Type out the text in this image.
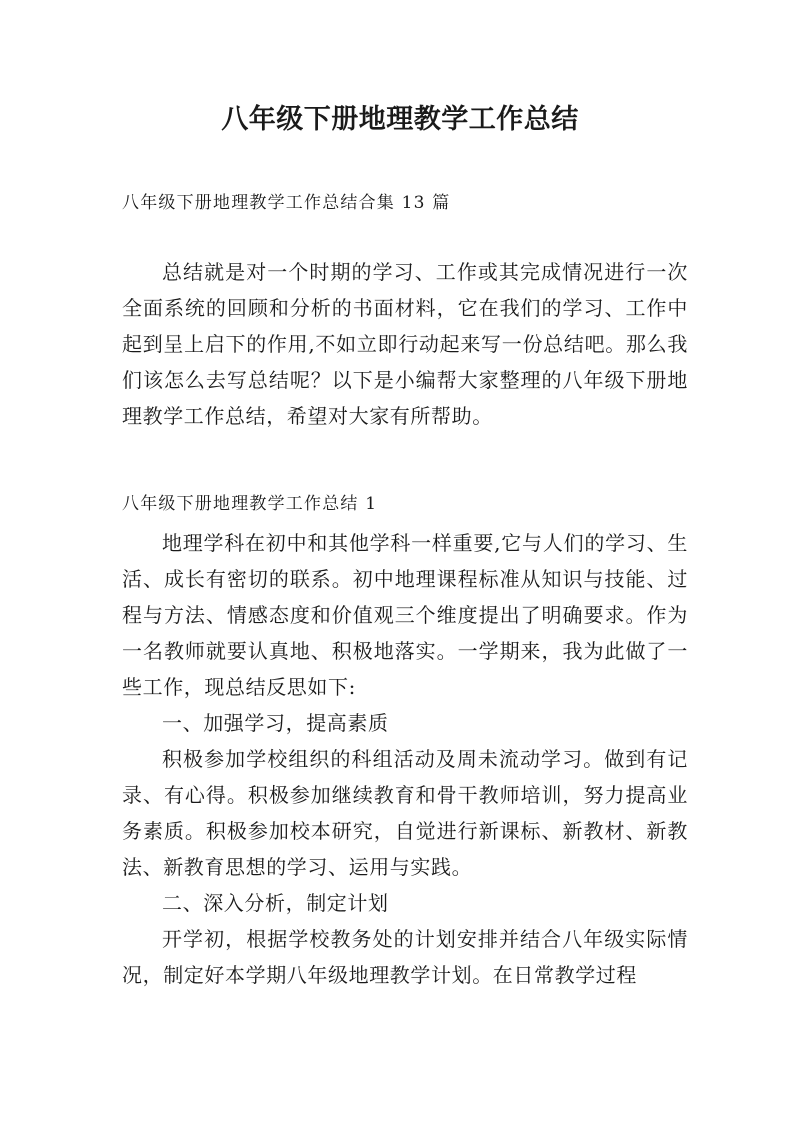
八年级下册地理教学工作总结
八年级下册地理教学工作总结合集 13 篇

总结就是对一个时期的学习、工作或其完成情况进行一次全面系统的回顾和分析的书面材料，它在我们的学习、工作中起到呈上启下的作用,不如立即行动起来写一份总结吧。那么我们该怎么去写总结呢？以下是小编帮大家整理的八年级下册地理教学工作总结，希望对大家有所帮助。

八年级下册地理教学工作总结 1

地理学科在初中和其他学科一样重要,它与人们的学习、生活、成长有密切的联系。初中地理课程标准从知识与技能、过程与方法、情感态度和价值观三个维度提出了明确要求。作为一名教师就要认真地、积极地落实。一学期来，我为此做了一些工作，现总结反思如下:

一、加强学习，提高素质

积极参加学校组织的科组活动及周未流动学习。做到有记录、有心得。积极参加继续教育和骨干教师培训，努力提高业务素质。积极参加校本研究，自觉进行新课标、新教材、新教法、新教育思想的学习、运用与实践。

二、深入分析，制定计划

开学初，根据学校教务处的计划安排并结合八年级实际情况，制定好本学期八年级地理教学计划。在日常教学过程
